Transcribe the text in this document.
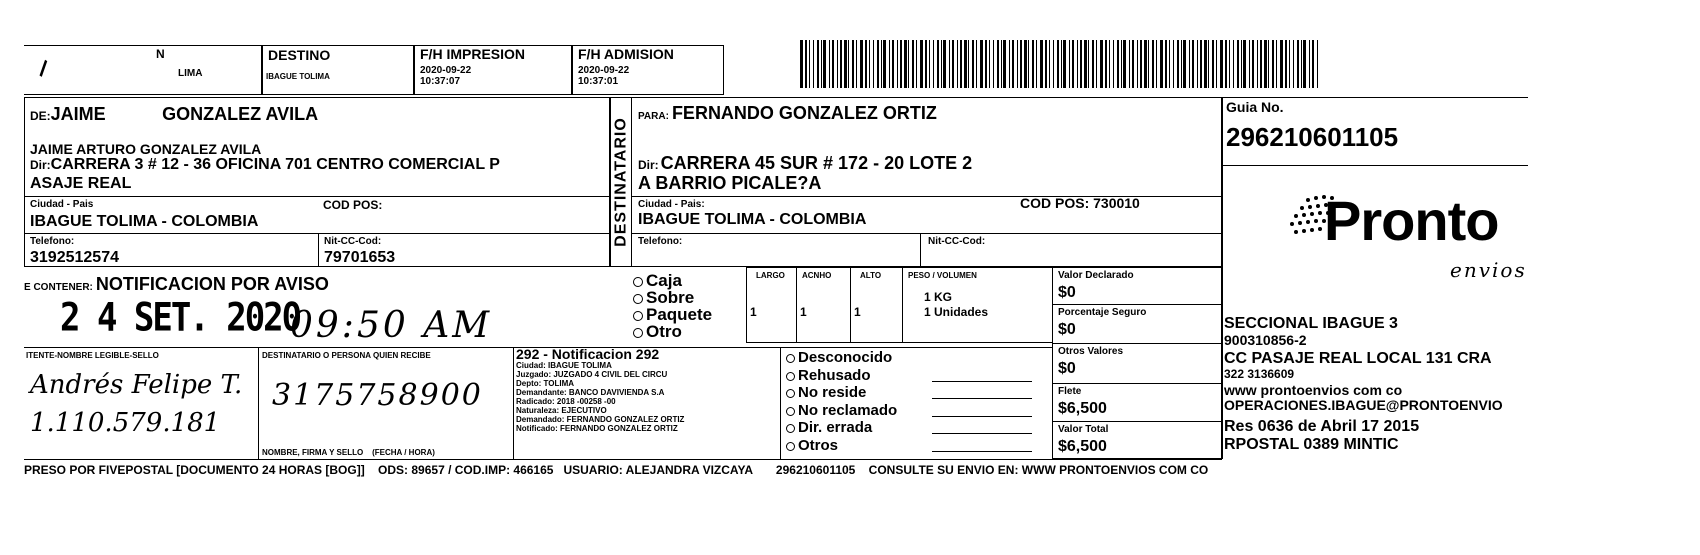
N
LIMA
\
DESTINO
IBAGUE TOLIMA
F/H IMPRESION
2020-09-22
10:37:07
F/H ADMISION
2020-09-22
10:37:01
DE:JAIME	GONZALEZ AVILA
JAIME ARTURO GONZALEZ AVILA
Dir:CARRERA 3 # 12 - 36 OFICINA 701 CENTRO COMERCIAL P
ASAJE REAL
Ciudad - Pais	COD POS:
IBAGUE TOLIMA - COLOMBIA
Telefono:
3192512574
Nit-CC-Cod:
79701653
DESTINATARIO
PARA: FERNANDO GONZALEZ ORTIZ
Dir: CARRERA 45 SUR # 172 - 20 LOTE 2
A BARRIO PICALE?A
Ciudad - Pais:
IBAGUE TOLIMA - COLOMBIA
COD POS: 730010
Telefono:	Nit-CC-Cod:
Guia No.
296210601105
Pronto
envios
SECCIONAL IBAGUE 3
900310856-2
CC PASAJE REAL LOCAL 131 CRA
322 3136609
www prontoenvios com co
OPERACIONES.IBAGUE@PRONTOENVIO
Res 0636 de Abril 17 2015
RPOSTAL 0389 MINTIC
E CONTENER: NOTIFICACION POR AVISO
2 4 SET. 2020
09:50 AM
Caja
Sobre
Paquete
Otro
LARGO ACNHO	ALTO	PESO / VOLUMEN
1	1	1
1 KG
1 Unidades
Valor Declarado
$0
Porcentaje Seguro
$0
Otros Valores
$0
Flete
$6,500
Valor Total
$6,500
ITENTE-NOMBRE LEGIBLE-SELLO
Andrés Felipe T.
1.110.579.181
DESTINATARIO O PERSONA QUIEN RECIBE
3175758900
NOMBRE, FIRMA Y SELLO    (FECHA / HORA)
292 - Notificacion 292
Ciudad: IBAGUE TOLIMA
Juzgado: JUZGADO 4 CIVIL DEL CIRCU
Depto: TOLIMA
Demandante: BANCO DAVIVIENDA S.A
Radicado: 2018 -00258 -00
Naturaleza: EJECUTIVO
Demandado: FERNANDO GONZALEZ ORTIZ
Notificado: FERNANDO GONZALEZ ORTIZ
Desconocido
Rehusado
No reside
No reclamado
Dir. errada
Otros
PRESO POR FIVEPOSTAL [DOCUMENTO 24 HORAS [BOG]]    ODS: 89657 / COD.IMP: 466165   USUARIO: ALEJANDRA VIZCAYA       296210601105    CONSULTE SU ENVIO EN: WWW PRONTOENVIOS COM CO
